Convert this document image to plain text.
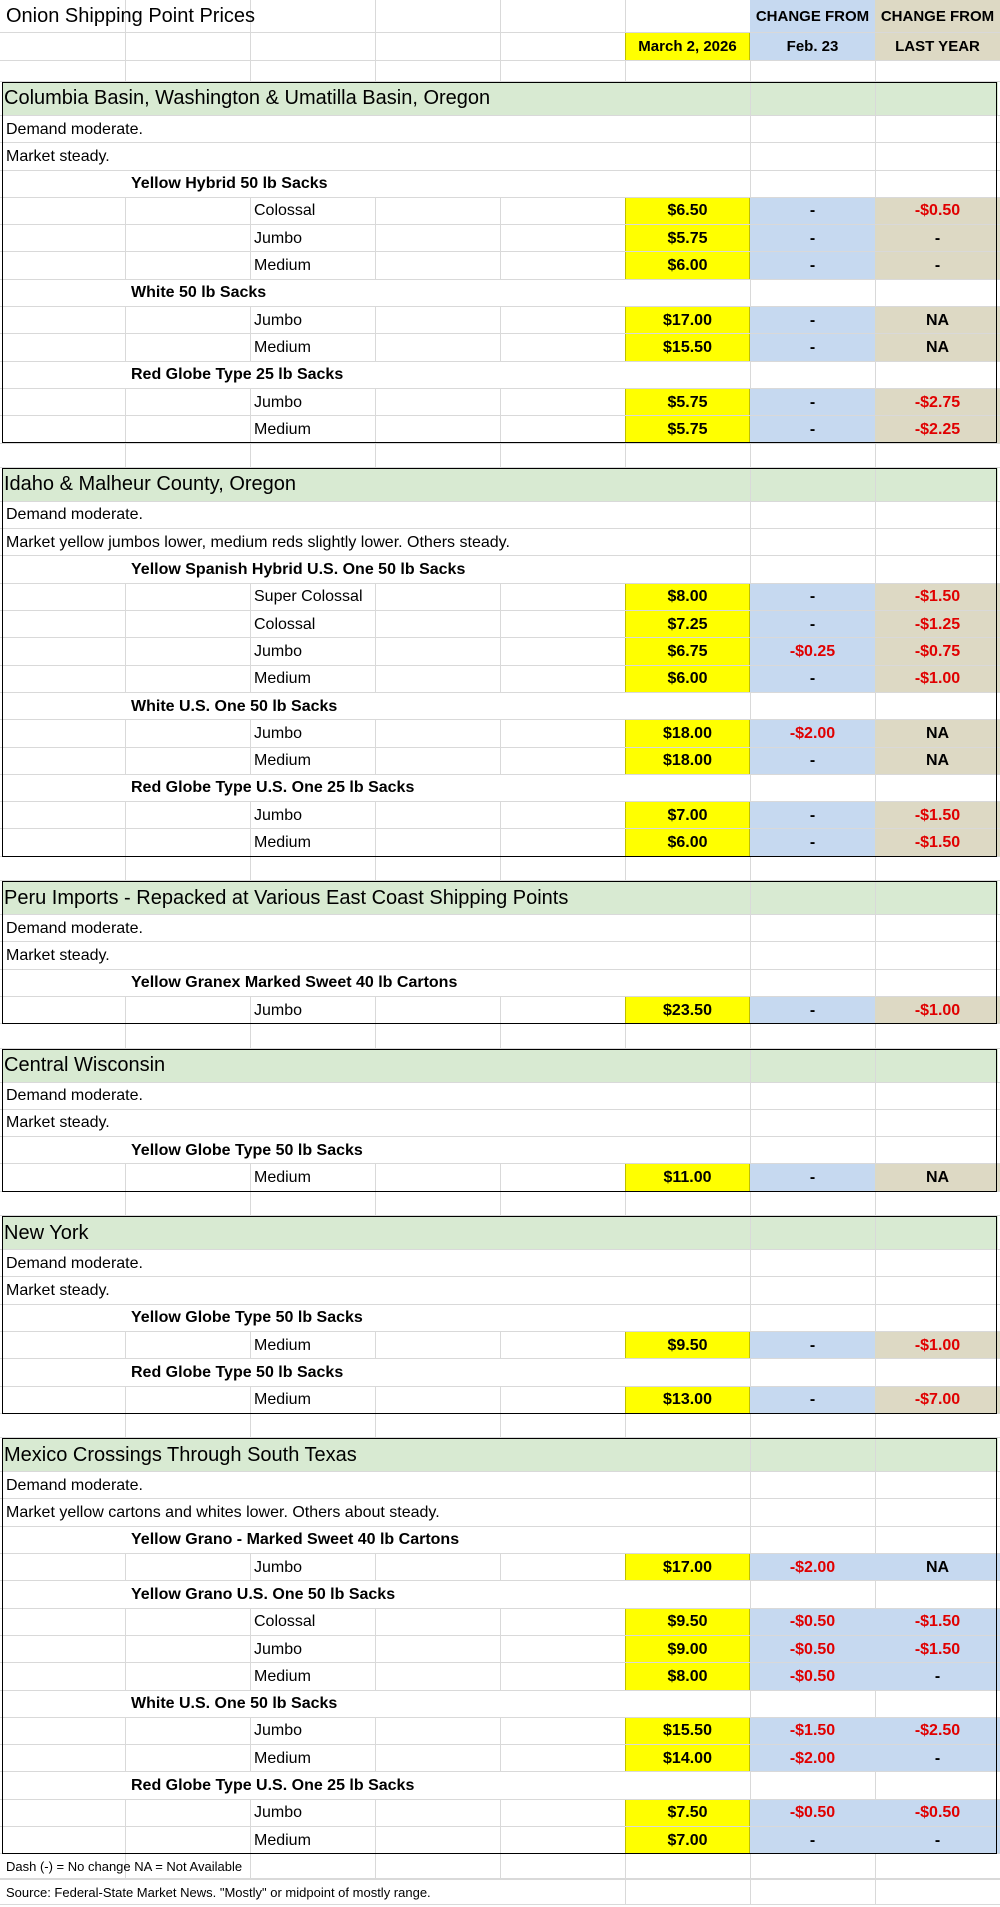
Onion Shipping Point Prices	CHANGE FROM CHANGE FROM
March 2, 2026	Feb. 23	LAST YEAR
Columbia Basin, Washington & Umatilla Basin, Oregon
Demand moderate.
Market steady.
Yellow Hybrid 50 lb Sacks
Colossal	$6.50	-	-$0.50
Jumbo	$5.75	-	-
Medium	$6.00	-	-
White 50 lb Sacks
Jumbo	$17.00	-	NA
Medium	$15.50	-	NA
Red Globe Type 25 lb Sacks
Jumbo	$5.75	-	-$2.75
Medium	$5.75	-	-$2.25
Idaho & Malheur County, Oregon
Demand moderate.
Market yellow jumbos lower, medium reds slightly lower. Others steady.
Yellow Spanish Hybrid U.S. One 50 lb Sacks
Super Colossal	$8.00	-	-$1.50
Colossal	$7.25	-	-$1.25
Jumbo	$6.75	-$0.25	-$0.75
Medium	$6.00	-	-$1.00
White U.S. One 50 lb Sacks
Jumbo	$18.00	-$2.00	NA
Medium	$18.00	-	NA
Red Globe Type U.S. One 25 lb Sacks
Jumbo	$7.00	-	-$1.50
Medium	$6.00	-	-$1.50
Peru Imports - Repacked at Various East Coast Shipping Points
Demand moderate.
Market steady.
Yellow Granex Marked Sweet 40 lb Cartons
Jumbo	$23.50	-	-$1.00
Central Wisconsin
Demand moderate.
Market steady.
Yellow Globe Type 50 lb Sacks
Medium	$11.00	-	NA
New York
Demand moderate.
Market steady.
Yellow Globe Type 50 lb Sacks
Medium	$9.50	-	-$1.00
Red Globe Type 50 lb Sacks
Medium	$13.00	-	-$7.00
Mexico Crossings Through South Texas
Demand moderate.
Market yellow cartons and whites lower. Others about steady.
Yellow Grano - Marked Sweet 40 lb Cartons
Jumbo	$17.00	-$2.00	NA
Yellow Grano U.S. One 50 lb Sacks
Colossal	$9.50	-$0.50	-$1.50
Jumbo	$9.00	-$0.50	-$1.50
Medium	$8.00	-$0.50	-
White U.S. One 50 lb Sacks
Jumbo	$15.50	-$1.50	-$2.50
Medium	$14.00	-$2.00	-
Red Globe Type U.S. One 25 lb Sacks
Jumbo	$7.50	-$0.50	-$0.50
Medium	$7.00	-	-
Dash (-) = No change NA = Not Available
Source: Federal-State Market News. "Mostly" or midpoint of mostly range.
